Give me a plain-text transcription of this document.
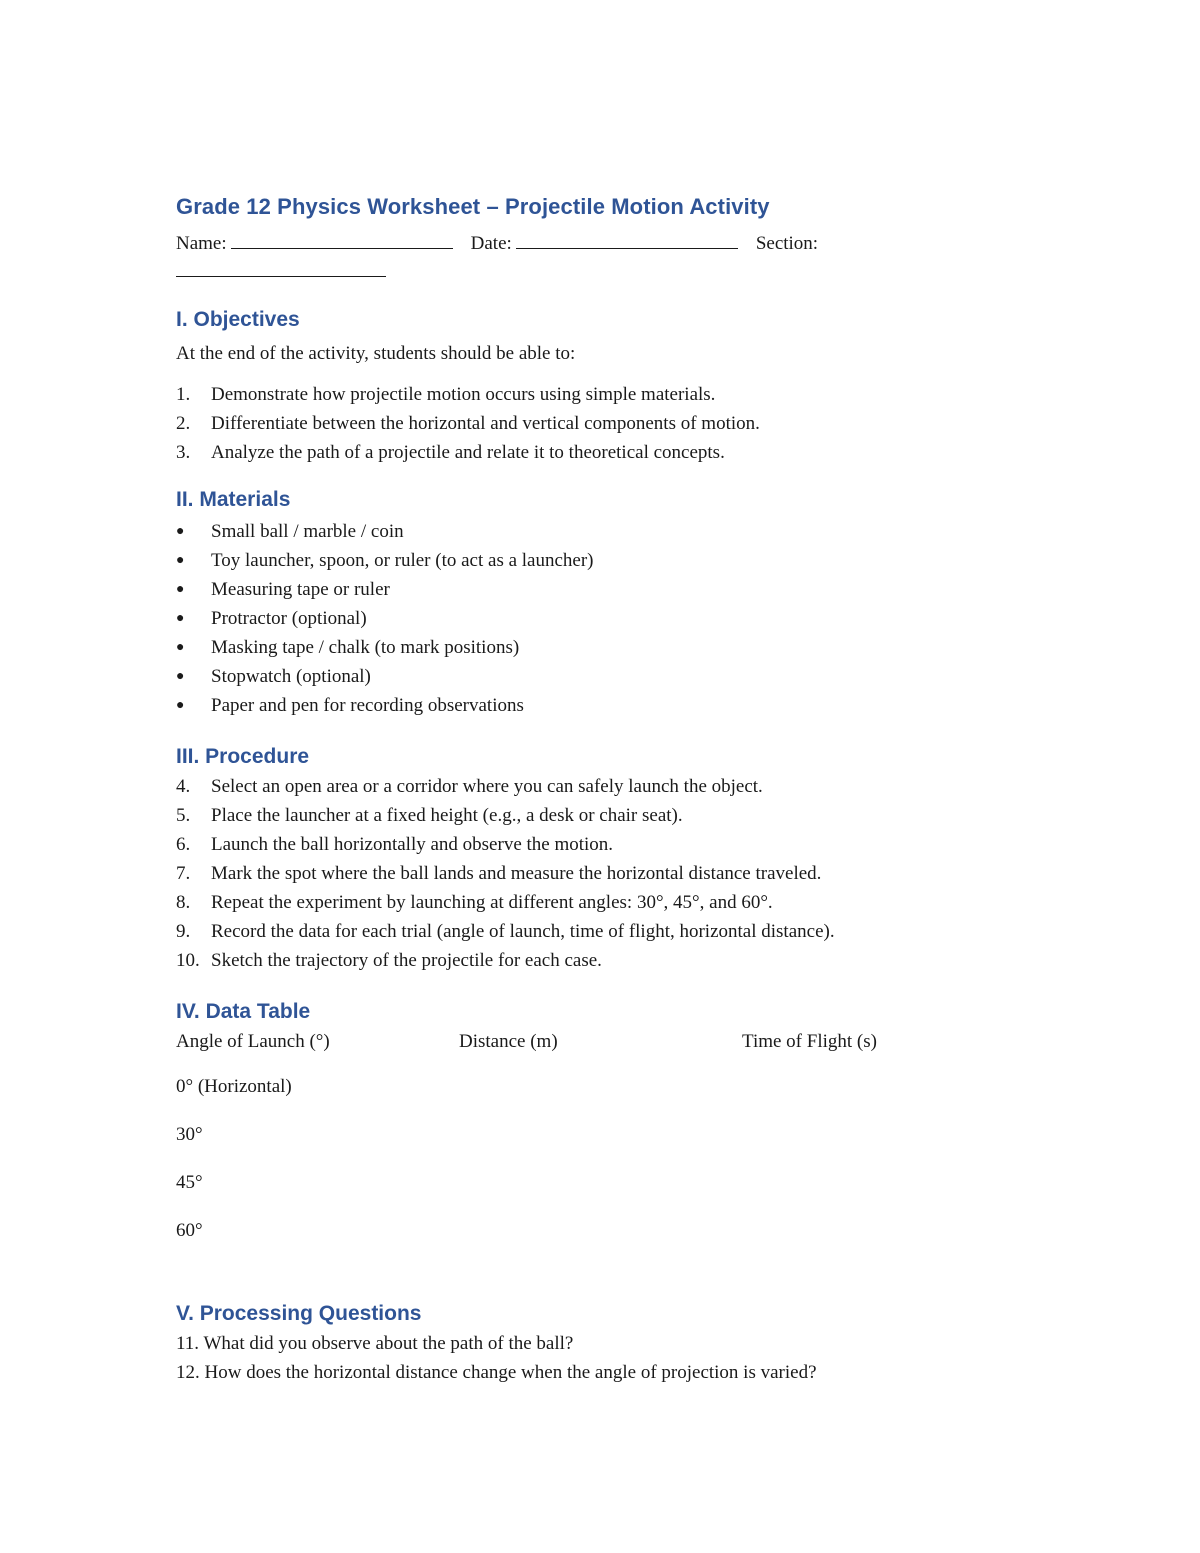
Grade 12 Physics Worksheet – Projectile Motion Activity
Name:	Date:	Section:
I. Objectives

At the end of the activity, students should be able to:

1. Demonstrate how projectile motion occurs using simple materials.
2. Differentiate between the horizontal and vertical components of motion.
3. Analyze the path of a projectile and relate it to theoretical concepts.
II. Materials
● Small ball / marble / coin
● Toy launcher, spoon, or ruler (to act as a launcher)
● Measuring tape or ruler
● Protractor (optional)
● Masking tape / chalk (to mark positions)
● Stopwatch (optional)
● Paper and pen for recording observations
III. Procedure
4. Select an open area or a corridor where you can safely launch the object.
5. Place the launcher at a fixed height (e.g., a desk or chair seat).
6. Launch the ball horizontally and observe the motion.
7. Mark the spot where the ball lands and measure the horizontal distance traveled.
8. Repeat the experiment by launching at different angles: 30°, 45°, and 60°.
9. Record the data for each trial (angle of launch, time of flight, horizontal distance).
10. Sketch the trajectory of the projectile for each case.
IV. Data Table
Angle of Launch (°)	Distance (m)	Time of Flight (s)
0° (Horizontal)
30°
45°
60°
V. Processing Questions
11. What did you observe about the path of the ball?
12. How does the horizontal distance change when the angle of projection is varied?
